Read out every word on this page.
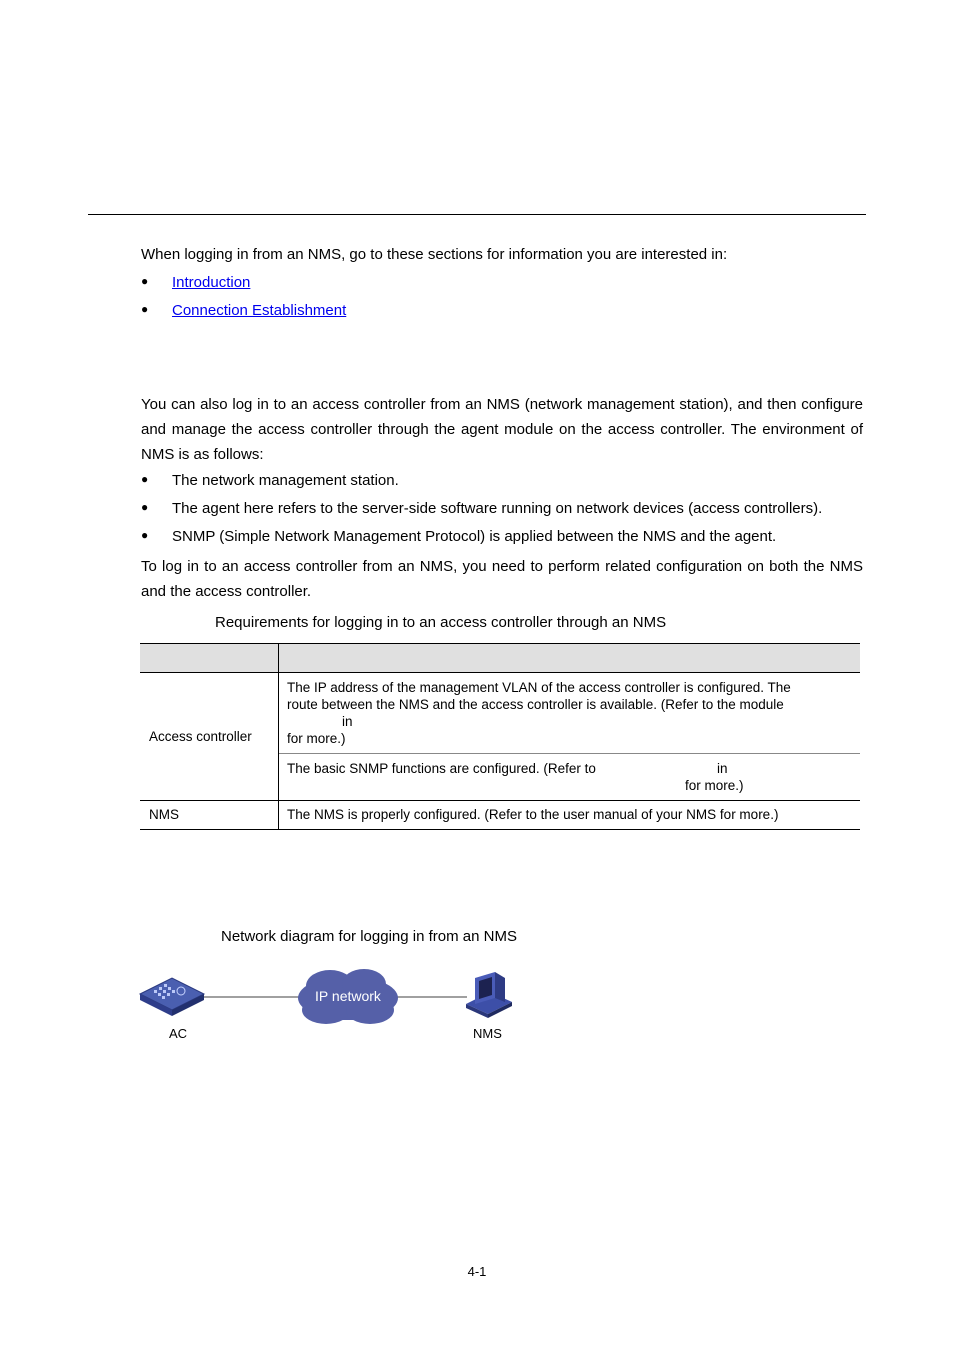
When logging in from an NMS, go to these sections for information you are interested in:
● Introduction
● Connection Establishment
You can also log in to an access controller from an NMS (network management station), and then configure and manage the access controller through the agent module on the access controller. The environment of NMS is as follows:
● The network management station.
● The agent here refers to the server-side software running on network devices (access controllers).
● SNMP (Simple Network Management Protocol) is applied between the NMS and the agent.
To log in to an access controller from an NMS, you need to perform related configuration on both the NMS and the access controller.
Requirements for logging in to an access controller through an NMS

Access controller	The IP address of the management VLAN of the access controller is configured. The
route between the NMS and the access controller is available. (Refer to the module
in
for more.)

	The basic SNMP functions are configured. (Refer to in
for more.)

NMS	The NMS is properly configured. (Refer to the user manual of your NMS for more.)
Network diagram for logging in from an NMS
IP network
AC	NMS
4-1
